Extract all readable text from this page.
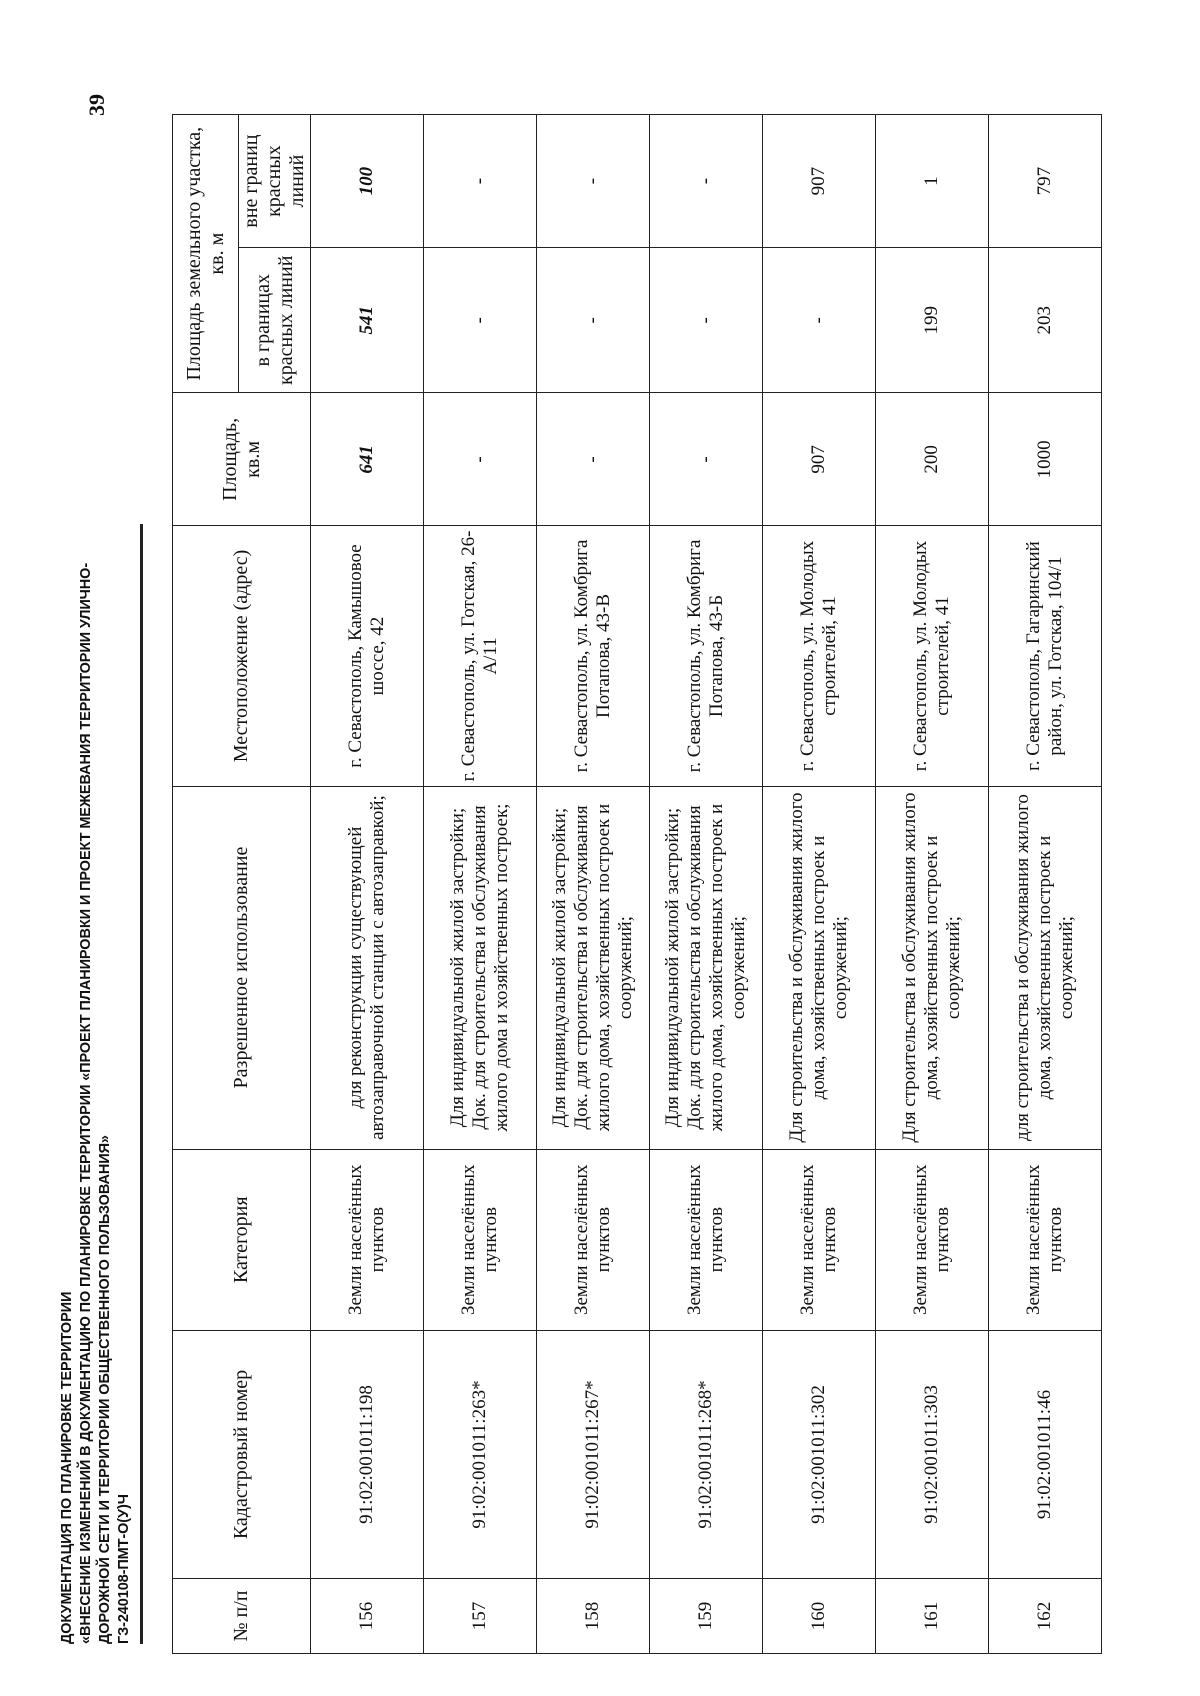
ДОКУМЕНТАЦИЯ ПО ПЛАНИРОВКЕ ТЕРРИТОРИИ «ВНЕСЕНИЕ ИЗМЕНЕНИЙ В ДОКУМЕНТАЦИЮ ПО ПЛАНИРОВКЕ ТЕРРИТОРИИ «ПРОЕКТ ПЛАНИРОВКИ И ПРОЕКТ МЕЖЕВАНИЯ ТЕРРИТОРИИ УЛИЧНО- ДОРОЖНОЙ СЕТИ И ТЕРРИТОРИИ ОБЩЕСТВЕННОГО ПОЛЬЗОВАНИЯ» ГЗ-240108-ПМТ-О(У)Ч
39
№ п/п	Кадастровый номер	Категория	Разрешенное использование	Местоположение (адрес)	Площадь, кв.м	Площадь земельного участка, кв. м	
						в границах красных линий	вне границ красных линий
156	91:02:001011:198	Земли населённых пунктов	для реконструкции существующей автозаправочной станции с автозаправкой;	г. Севастополь, Камышовое шоссе, 42	641	541	100
157	91:02:001011:263*	Земли населённых пунктов	Для индивидуальной жилой застройки; Док. для строительства и обслуживания жилого дома и хозяйственных построек;	г. Севастополь, ул. Готская, 26-А/11	-	-	-
158	91:02:001011:267*	Земли населённых пунктов	Для индивидуальной жилой застройки; Док. для строительства и обслуживания жилого дома, хозяйственных построек и сооружений;	г. Севастополь, ул. Комбрига Потапова, 43-В	-	-	-
159	91:02:001011:268*	Земли населённых пунктов	Для индивидуальной жилой застройки; Док. для строительства и обслуживания жилого дома, хозяйственных построек и сооружений;	г. Севастополь, ул. Комбрига Потапова, 43-Б	-	-	-
160	91:02:001011:302	Земли населённых пунктов	Для строительства и обслуживания жилого дома, хозяйственных построек и сооружений;	г. Севастополь, ул. Молодых строителей, 41	907	-	907
161	91:02:001011:303	Земли населённых пунктов	Для строительства и обслуживания жилого дома, хозяйственных построек и сооружений;	г. Севастополь, ул. Молодых строителей, 41	200	199	1
162	91:02:001011:46	Земли населённых пунктов	для строительства и обслуживания жилого дома, хозяйственных построек и сооружений;	г. Севастополь, Гагаринский район, ул. Готская, 104/1	1000	203	797
